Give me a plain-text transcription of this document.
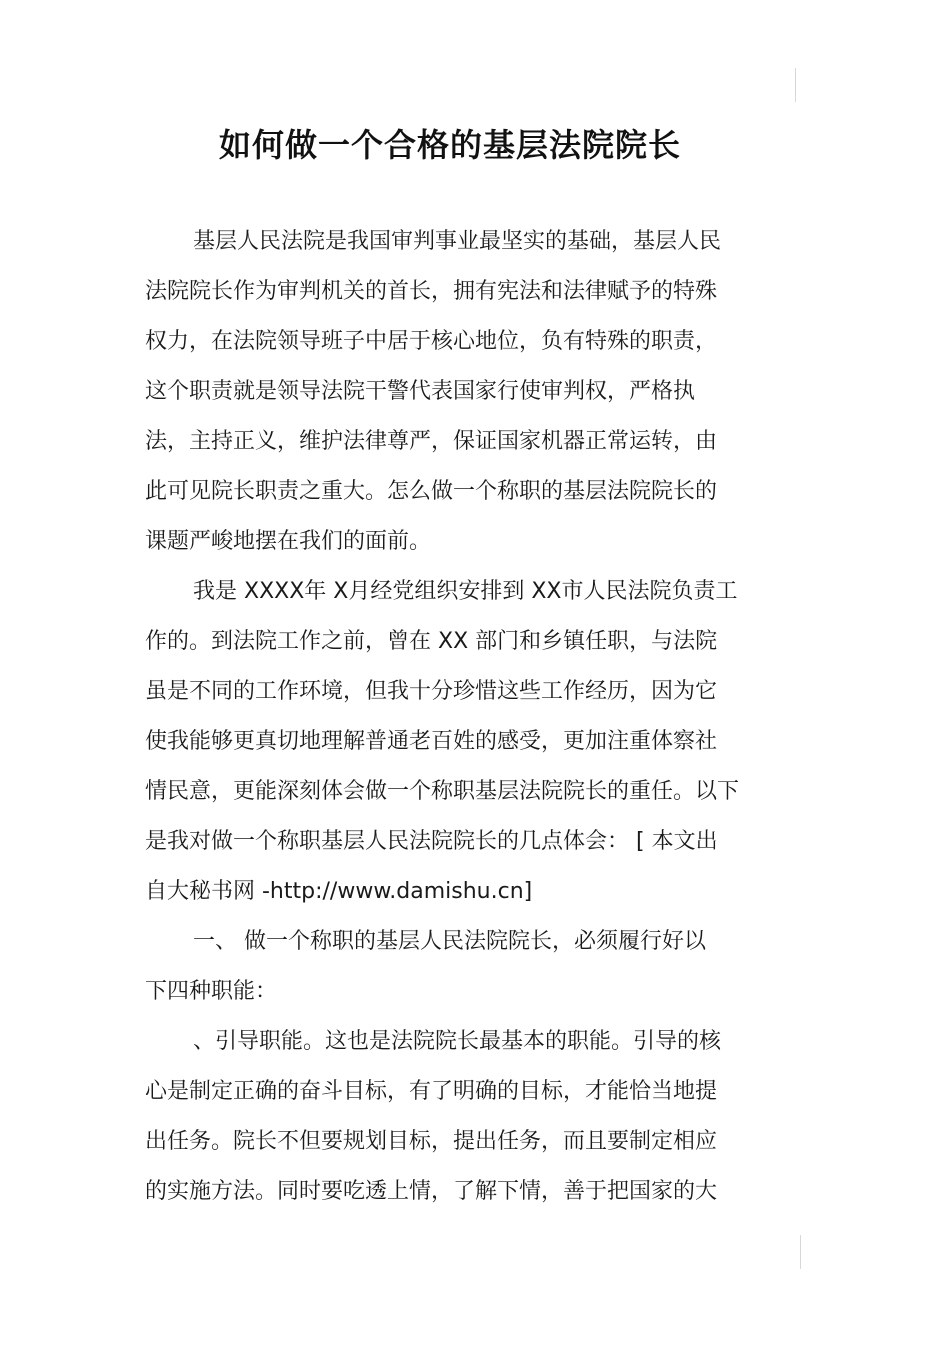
如何做一个合格的基层法院院长
基层人民法院是我国审判事业最坚实的基础，基层人民
法院院长作为审判机关的首长，拥有宪法和法律赋予的特殊
权力，在法院领导班子中居于核心地位，负有特殊的职责，
这个职责就是领导法院干警代表国家行使审判权，严格执
法，主持正义，维护法律尊严，保证国家机器正常运转，由
此可见院长职责之重大。怎么做一个称职的基层法院院长的
课题严峻地摆在我们的面前。
我是 XXXX年 X月经党组织安排到 XX市人民法院负责工
作的。到法院工作之前，曾在 XX 部门和乡镇任职，与法院
虽是不同的工作环境，但我十分珍惜这些工作经历，因为它
使我能够更真切地理解普通老百姓的感受，更加注重体察社
情民意，更能深刻体会做一个称职基层法院院长的重任。以下
是我对做一个称职基层人民法院院长的几点体会： [ 本文出
自大秘书网 -http://www.damishu.cn]
一、 做一个称职的基层人民法院院长，必须履行好以
下四种职能：
、引导职能。这也是法院院长最基本的职能。引导的核
心是制定正确的奋斗目标，有了明确的目标，才能恰当地提
出任务。院长不但要规划目标，提出任务，而且要制定相应
的实施方法。同时要吃透上情，了解下情，善于把国家的大
